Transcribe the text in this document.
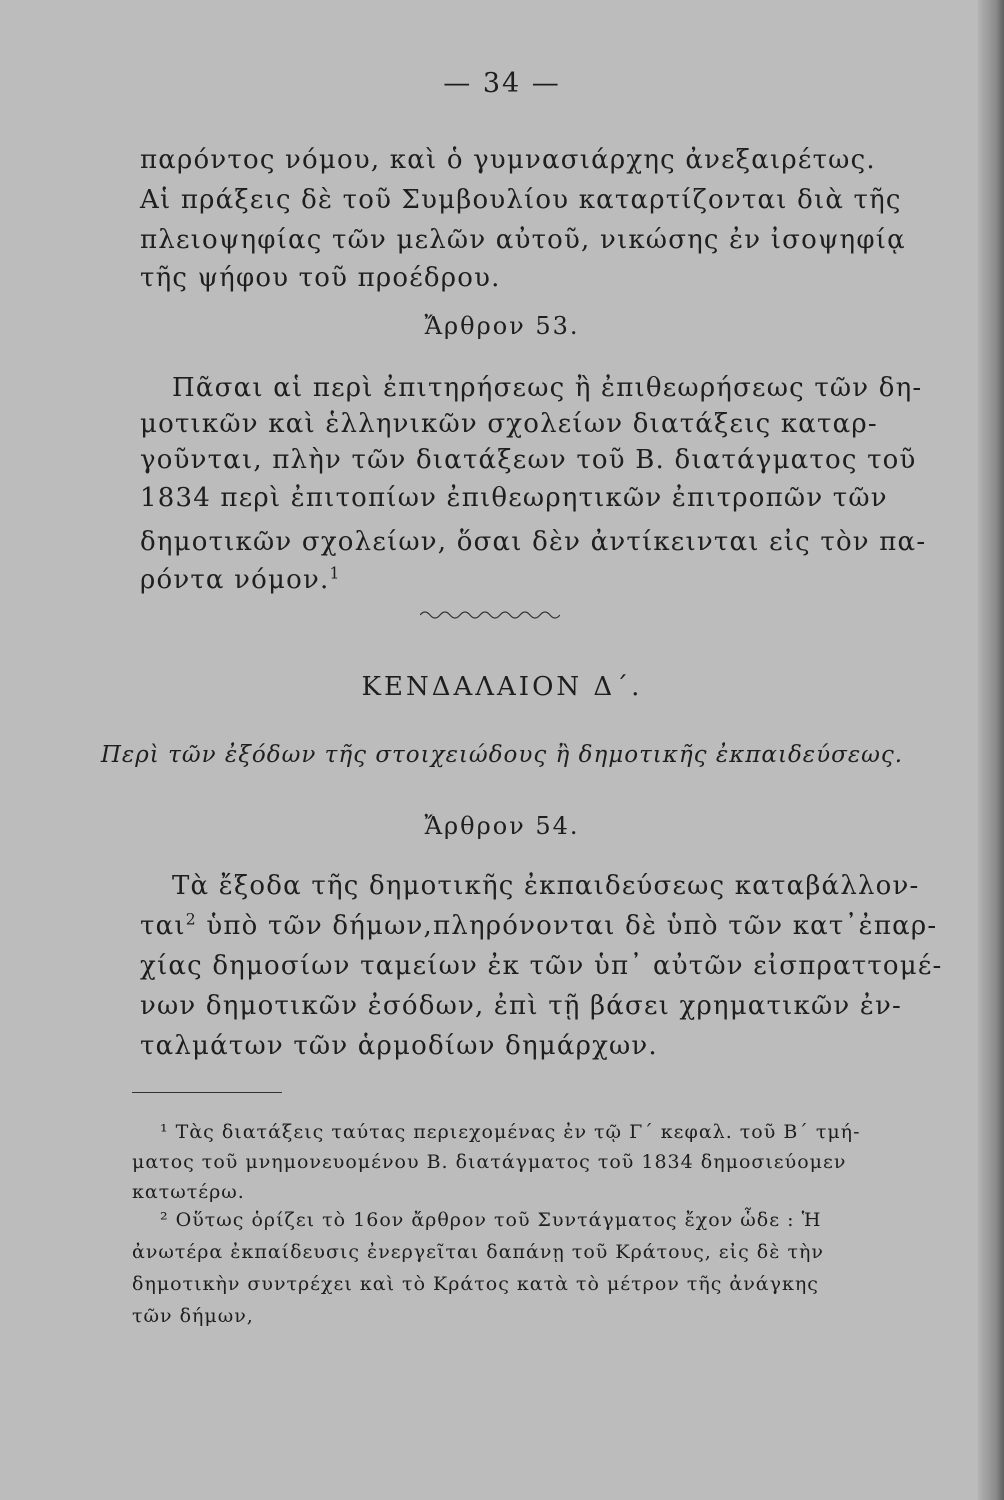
— 34 —
παρόντος νόμου, καὶ ὁ γυμνασιάρχης ἀνεξαιρέτως.
Αἱ πράξεις δὲ τοῦ Συμβουλίου καταρτίζονται διὰ τῆς
πλειοψηφίας τῶν μελῶν αὐτοῦ, νικώσης ἐν ἰσοψηφίᾳ
τῆς ψήφου τοῦ προέδρου.
Ἄρθρον 53.
Πᾶσαι αἱ περὶ ἐπιτηρήσεως ἢ ἐπιθεωρήσεως τῶν δη-
μοτικῶν καὶ ἑλληνικῶν σχολείων διατάξεις καταρ-
γοῦνται, πλὴν τῶν διατάξεων τοῦ Β. διατάγματος τοῦ
1834 περὶ ἐπιτοπίων ἐπιθεωρητικῶν ἐπιτροπῶν τῶν
δημοτικῶν σχολείων, ὅσαι δὲν ἀντίκεινται εἰς τὸν πα-
ρόντα νόμον.$^1$
ΚΕΝΔΑΛΑΙΟΝ Δ΄.
Περὶ τῶν ἐξόδων τῆς στοιχειώδους ἢ δημοτικῆς ἐκπαιδεύσεως.
Ἄρθρον 54.
Τὰ ἔξοδα τῆς δημοτικῆς ἐκπαιδεύσεως καταβάλλον-
ται$^2$ ὑπὸ τῶν δήμων,πληρόνονται δὲ ὑπὸ τῶν κατ᾽ἐπαρ-
χίας δημοσίων ταμείων ἐκ τῶν ὑπ᾽ αὐτῶν εἰσπραττομέ-
νων δημοτικῶν ἐσόδων, ἐπὶ τῇ βάσει χρηματικῶν ἐν-
ταλμάτων τῶν ἁρμοδίων δημάρχων.
¹ Τὰς διατάξεις ταύτας περιεχομένας ἐν τῷ Γ΄ κεφαλ. τοῦ Β΄ τμή-
ματος τοῦ μνημονευομένου Β. διατάγματος τοῦ 1834 δημοσιεύομεν
κατωτέρω.
² Οὕτως ὁρίζει τὸ 16ον ἄρθρον τοῦ Συντάγματος ἔχον ὧδε : Ἡ
ἀνωτέρα ἐκπαίδευσις ἐνεργεῖται δαπάνῃ τοῦ Κράτους, εἰς δὲ τὴν
δημοτικὴν συντρέχει καὶ τὸ Κράτος κατὰ τὸ μέτρον τῆς ἀνάγκης
τῶν δήμων,
